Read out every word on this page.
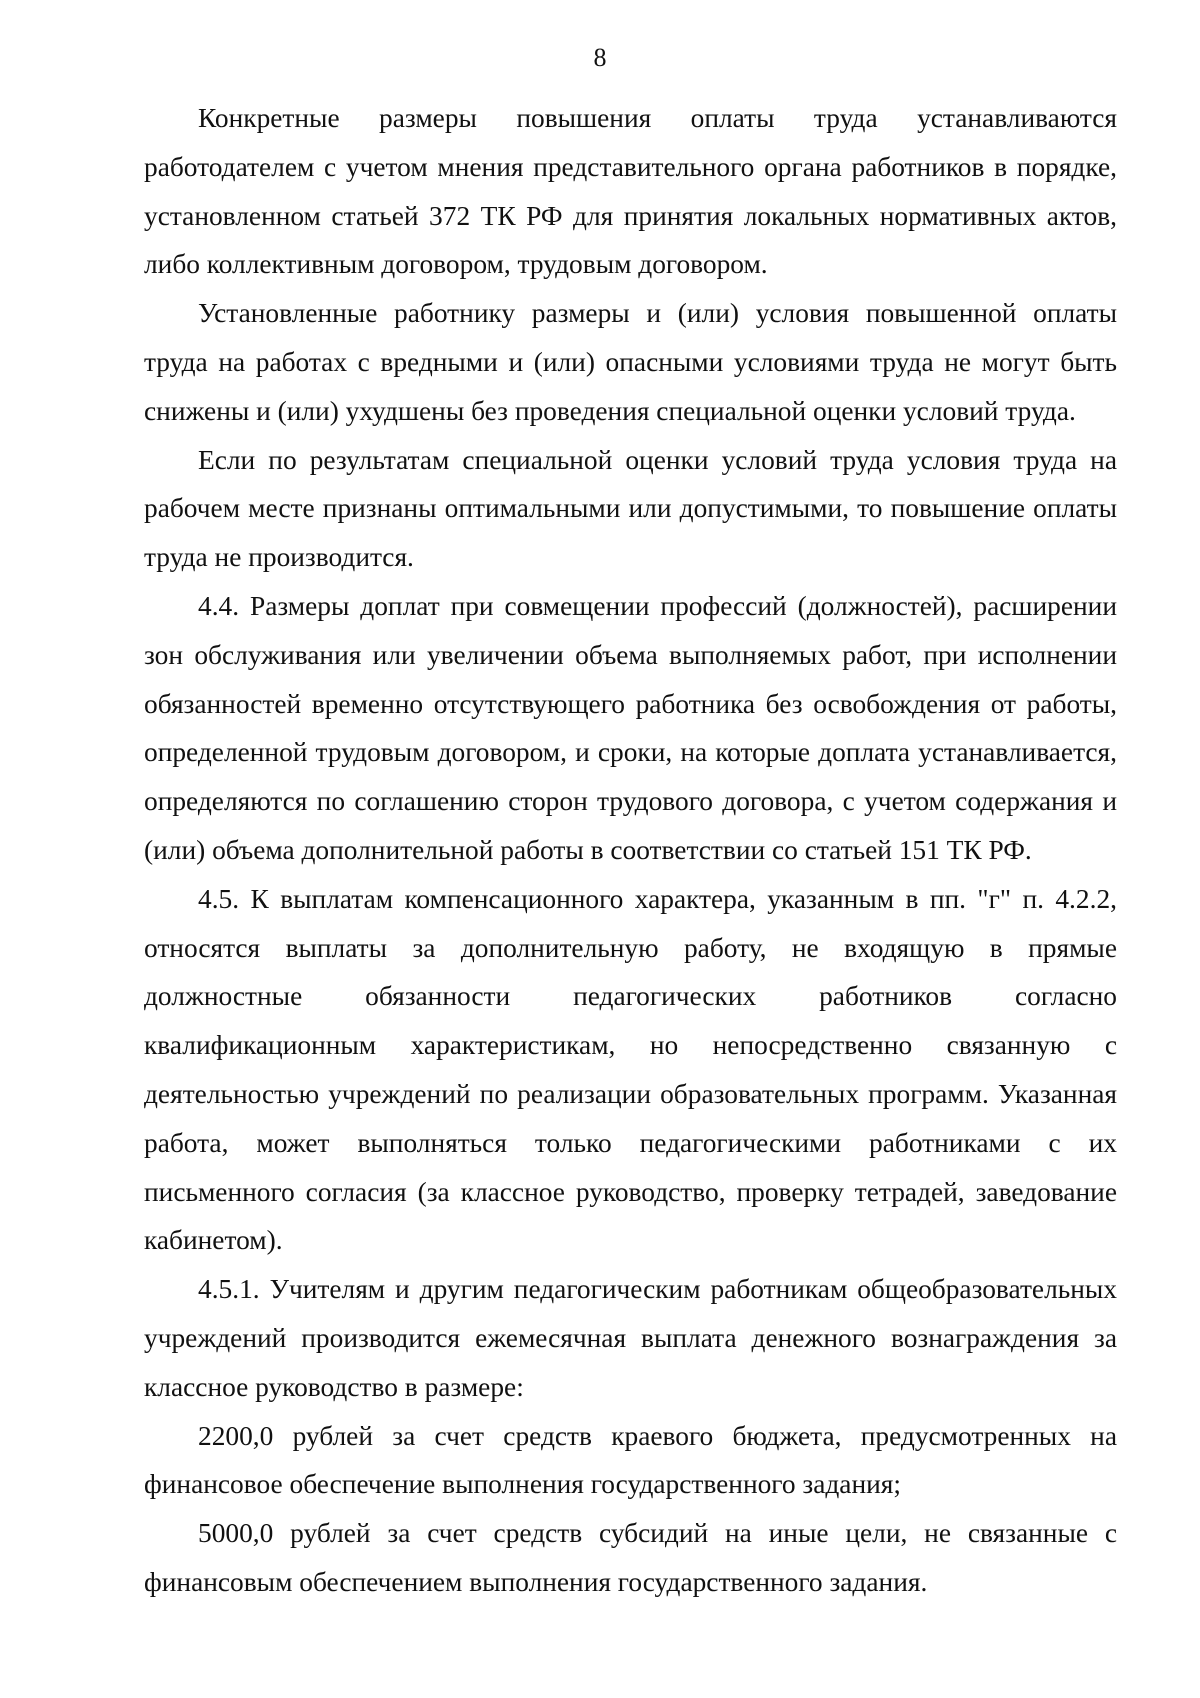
8

Конкретные размеры повышения оплаты труда устанавливаются работодателем с учетом мнения представительного органа работников в порядке, установленном статьей 372 ТК РФ для принятия локальных нормативных актов, либо коллективным договором, трудовым договором.

Установленные работнику размеры и (или) условия повышенной оплаты труда на работах с вредными и (или) опасными условиями труда не могут быть снижены и (или) ухудшены без проведения специальной оценки условий труда.

Если по результатам специальной оценки условий труда условия труда на рабочем месте признаны оптимальными или допустимыми, то повышение оплаты труда не производится.

4.4. Размеры доплат при совмещении профессий (должностей), расширении зон обслуживания или увеличении объема выполняемых работ, при исполнении обязанностей временно отсутствующего работника без освобождения от работы, определенной трудовым договором, и сроки, на которые доплата устанавливается, определяются по соглашению сторон трудового договора, с учетом содержания и (или) объема дополнительной работы в соответствии со статьей 151 ТК РФ.

4.5. К выплатам компенсационного характера, указанным в пп. "г" п. 4.2.2, относятся выплаты за дополнительную работу, не входящую в прямые должностные обязанности педагогических работников согласно квалификационным характеристикам, но непосредственно связанную с деятельностью учреждений по реализации образовательных программ. Указанная работа, может выполняться только педагогическими работниками с их письменного согласия (за классное руководство, проверку тетрадей, заведование кабинетом).

4.5.1. Учителям и другим педагогическим работникам общеобразовательных учреждений производится ежемесячная выплата денежного вознаграждения за классное руководство в размере:

2200,0 рублей за счет средств краевого бюджета, предусмотренных на финансовое обеспечение выполнения государственного задания;

5000,0 рублей за счет средств субсидий на иные цели, не связанные с финансовым обеспечением выполнения государственного задания.
